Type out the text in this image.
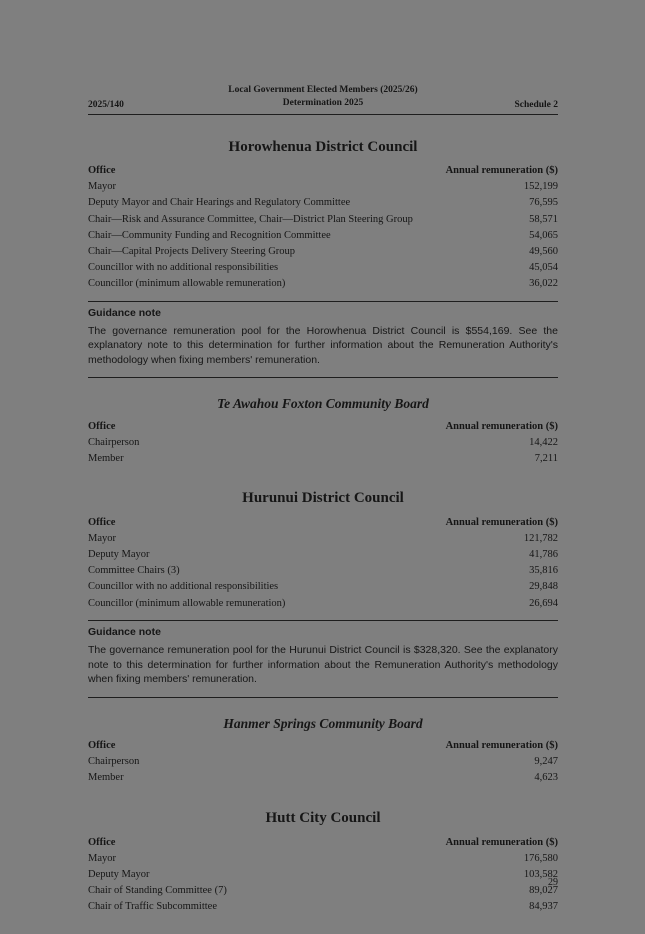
2025/140
Local Government Elected Members (2025/26)
Determination 2025	Schedule 2
Horowhenua District Council
Office	Annual remuneration ($)
Mayor	152,199
Deputy Mayor and Chair Hearings and Regulatory Committee	76,595
Chair—Risk and Assurance Committee, Chair—District Plan Steering Group	58,571
Chair—Community Funding and Recognition Committee	54,065
Chair—Capital Projects Delivery Steering Group	49,560
Councillor with no additional responsibilities	45,054
Councillor (minimum allowable remuneration)	36,022
Guidance note
The governance remuneration pool for the Horowhenua District Council is $554,169. See the explanatory note to this determination for further information about the Remuneration Authority's methodology when fixing members' remuneration.
Te Awahou Foxton Community Board
Office	Annual remuneration ($)
Chairperson	14,422
Member	7,211
Hurunui District Council
Office	Annual remuneration ($)
Mayor	121,782
Deputy Mayor	41,786
Committee Chairs (3)	35,816
Councillor with no additional responsibilities	29,848
Councillor (minimum allowable remuneration)	26,694
Guidance note
The governance remuneration pool for the Hurunui District Council is $328,320. See the explanatory note to this determination for further information about the Remuneration Authority's methodology when fixing members' remuneration.
Hanmer Springs Community Board
Office	Annual remuneration ($)
Chairperson	9,247
Member	4,623
Hutt City Council
Office	Annual remuneration ($)
Mayor	176,580
Deputy Mayor	103,582
Chair of Standing Committee (7)	89,027
Chair of Traffic Subcommittee	84,937
29
